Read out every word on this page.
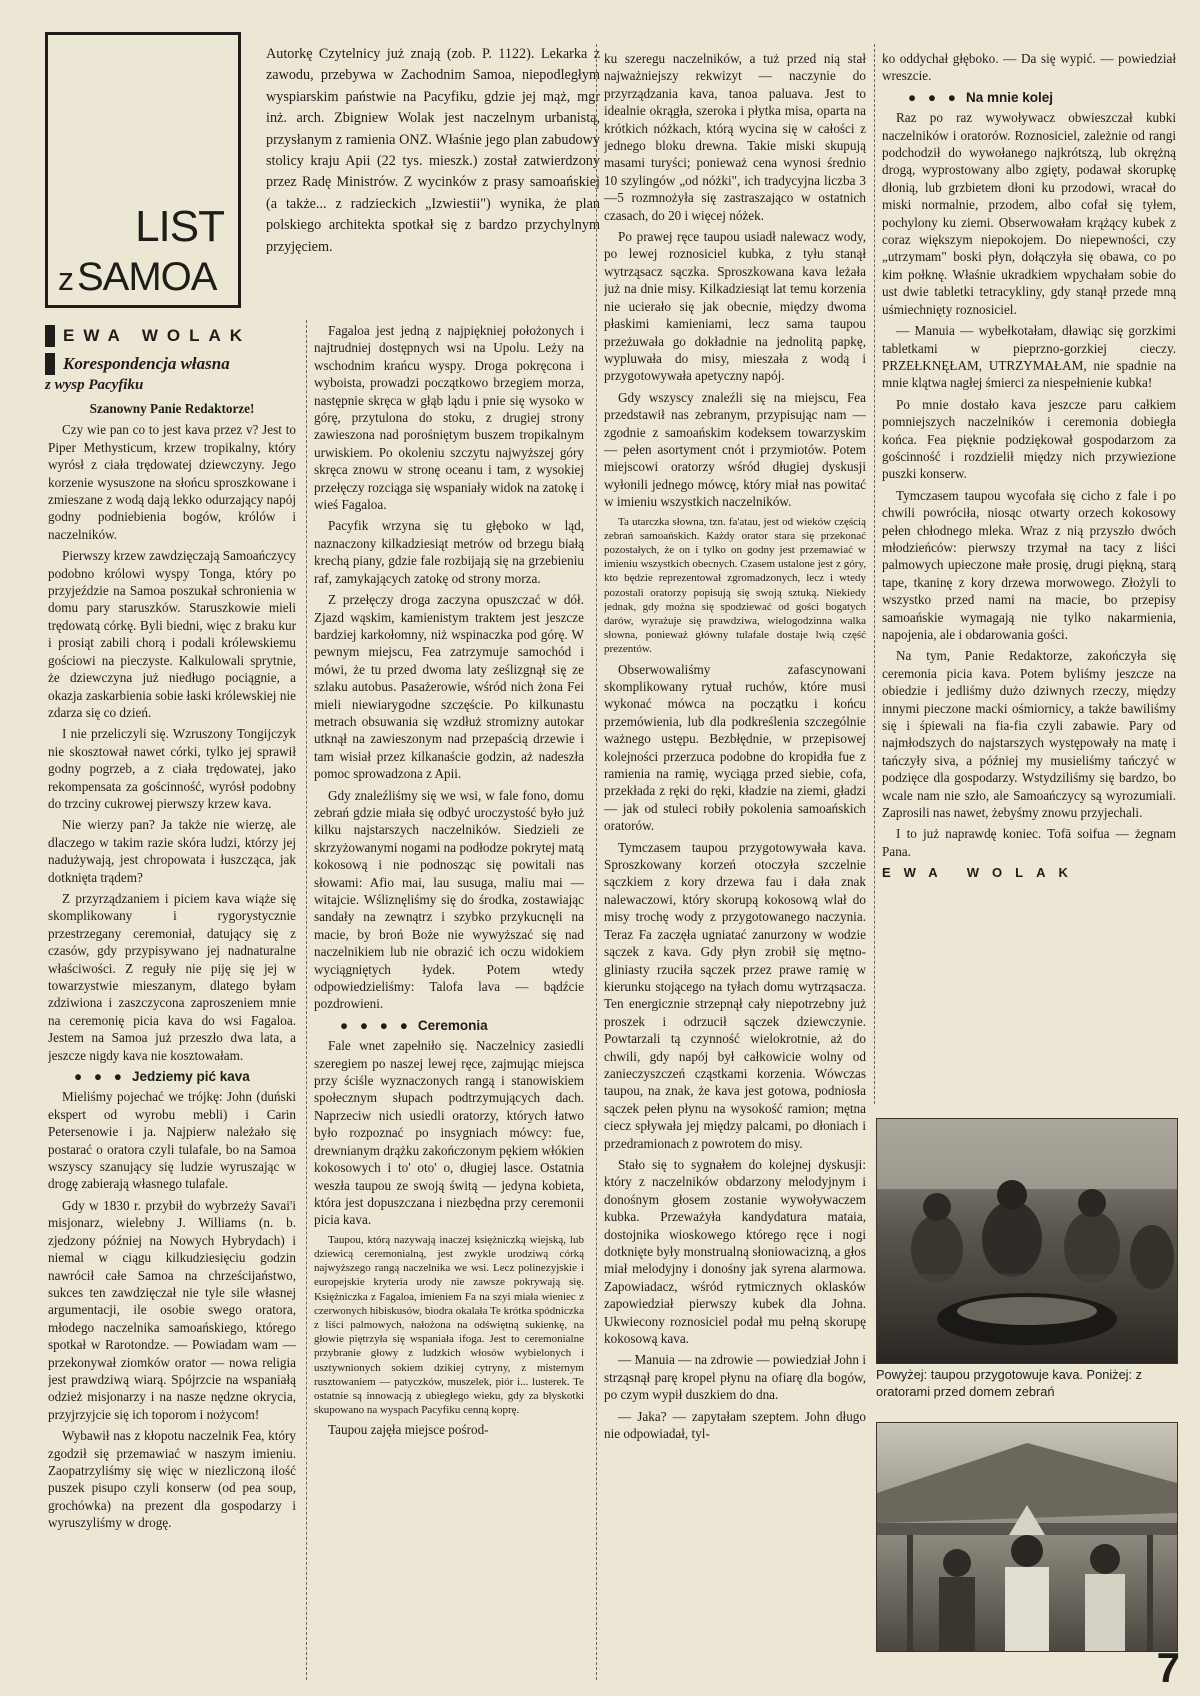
LIST
z SAMOA
EWA WOLAK
Korespondencja własna
z wysp Pacyfiku

Autorkę Czytelnicy już znają (zob. P. 1122). Lekarka z zawodu, przebywa w Zachodnim Samoa, niepodległym wyspiarskim państwie na Pacyfiku, gdzie jej mąż, mgr inż. arch. Zbigniew Wolak jest naczelnym urbanistą, przysłanym z ramienia ONZ. Właśnie jego plan zabudowy stolicy kraju Apii (22 tys. mieszk.) został zatwierdzony przez Radę Ministrów. Z wycinków z prasy samoańskiej (a także... z radzieckich „Izwiestii") wynika, że plan polskiego architekta spotkał się z bardzo przychylnym przyjęciem.

Szanowny Panie Redaktorze!

Czy wie pan co to jest kava przez v? Jest to Piper Methysticum, krzew tropikalny, który wyrósł z ciała trędowatej dziewczyny. Jego korzenie wysuszone na słońcu sproszkowane i zmieszane z wodą dają lekko odurzający napój godny podniebienia bogów, królów i naczelników.

Pierwszy krzew zawdzięczają Samoańczycy podobno królowi wyspy Tonga, który po przyjeździe na Samoa poszukał schronienia w domu pary staruszków. Staruszkowie mieli trędowatą córkę. Byli biedni, więc z braku kur i prosiąt zabili chorą i podali królewskiemu gościowi na pieczyste. Kalkulowali sprytnie, że dziewczyna już niedługo pociągnie, a okazja zaskarbienia sobie łaski królewskiej nie zdarza się co dzień.

I nie przeliczyli się. Wzruszony Tongijczyk nie skosztował nawet córki, tylko jej sprawił godny pogrzeb, a z ciała trędowatej, jako rekompensata za gościnność, wyrósł podobny do trzciny cukrowej pierwszy krzew kava.

Nie wierzy pan? Ja także nie wierzę, ale dlaczego w takim razie skóra ludzi, którzy jej nadużywają, jest chropowata i łuszcząca, jak dotknięta trądem?

Z przyrządzaniem i piciem kava wiąże się skomplikowany i rygorystycznie przestrzegany ceremoniał, datujący się z czasów, gdy przypisywano jej nadnaturalne właściwości. Z reguły nie piję się jej w towarzystwie mieszanym, dlatego byłam zdziwiona i zaszczycona zaproszeniem mnie na ceremonię picia kava do wsi Fagaloa. Jestem na Samoa już przeszło dwa lata, a jeszcze nigdy kava nie kosztowałam.

● ● ● Jedziemy pić kava

Mieliśmy pojechać we trójkę: John (duński ekspert od wyrobu mebli) i Carin Petersenowie i ja. Najpierw należało się postarać o oratora czyli tulafale, bo na Samoa wszyscy szanujący się ludzie wyruszając w drogę zabierają własnego tulafale.

Gdy w 1830 r. przybił do wybrzeży Savai'i misjonarz, wielebny J. Williams (n. b. zjedzony później na Nowych Hybrydach) i niemal w ciągu kilkudziesięciu godzin nawrócił całe Samoa na chrześcijaństwo, sukces ten zawdzięczał nie tyle sile własnej argumentacji, ile osobie swego oratora, młodego naczelnika samoańskiego, którego spotkał w Rarotondze. — Powiadam wam — przekonywał ziomków orator — nowa religia jest prawdziwą wiarą. Spójrzcie na wspaniałą odzież misjonarzy i na nasze nędzne okrycia, przyjrzyjcie się ich toporom i nożycom!

Wybawił nas z kłopotu naczelnik Fea, który zgodził się przemawiać w naszym imieniu. Zaopatrzyliśmy się więc w niezliczoną ilość puszek pisupo czyli konserw (od pea soup, grochówka) na prezent dla gospodarzy i wyruszyliśmy w drogę.

Fagaloa jest jedną z najpiękniej położonych i najtrudniej dostępnych wsi na Upolu. Leży na wschodnim krańcu wyspy. Droga pokręcona i wyboista, prowadzi początkowo brzegiem morza, następnie skręca w głąb lądu i pnie się wysoko w górę, przytulona do stoku, z drugiej strony zawieszona nad porośniętym buszem tropikalnym urwiskiem. Po okoleniu szczytu najwyższej góry skręca znowu w stronę oceanu i tam, z wysokiej przełęczy rozciąga się wspaniały widok na zatokę i wieś Fagaloa.

Pacyfik wrzyna się tu głęboko w ląd, naznaczony kilkadziesiąt metrów od brzegu białą krechą piany, gdzie fale rozbijają się na grzebieniu raf, zamykających zatokę od strony morza.

Z przełęczy droga zaczyna opuszczać w dół. Zjazd wąskim, kamienistym traktem jest jeszcze bardziej karkołomny, niż wspinaczka pod górę. W pewnym miejscu, Fea zatrzymuje samochód i mówi, że tu przed dwoma laty ześlizgnął się ze szlaku autobus. Pasażerowie, wśród nich żona Fei mieli niewiarygodne szczęście. Po kilkunastu metrach obsuwania się wzdłuż stromizny autokar utknął na zawieszonym nad przepaścią drzewie i tam wisiał przez kilkanaście godzin, aż nadeszła pomoc sprowadzona z Apii.

Gdy znaleźliśmy się we wsi, w fale fono, domu zebrań gdzie miała się odbyć uroczystość było już kilku najstarszych naczelników. Siedzieli ze skrzyżowanymi nogami na podłodze pokrytej matą kokosową i nie podnosząc się powitali nas słowami: Afio mai, lau susuga, maliu mai — witajcie. Wśliznęliśmy się do środka, zostawiając sandały na zewnątrz i szybko przykucnęli na macie, by broń Boże nie wywyższać się nad naczelnikiem lub nie obrazić ich oczu widokiem wyciągniętych łydek. Potem wtedy odpowiedzieliśmy: Talofa lava — bądźcie pozdrowieni.

● ● ● ● Ceremonia

Fale wnet zapełniło się. Naczelnicy zasiedli szeregiem po naszej lewej ręce, zajmując miejsca przy ściśle wyznaczonych rangą i stanowiskiem społecznym słupach podtrzymujących dach. Naprzeciw nich usiedli oratorzy, których łatwo było rozpoznać po insygniach mówcy: fue, drewnianym drążku zakończonym pękiem włókien kokosowych i to' oto' o, długiej lasce. Ostatnia weszła taupou ze swoją świtą — jedyna kobieta, która jest dopuszczana i niezbędna przy ceremonii picia kava.

Taupou, którą nazywają inaczej księżniczką wiejską, lub dziewicą ceremonialną, jest zwykle urodziwą córką najwyższego rangą naczelnika we wsi. Lecz polinezyjskie i europejskie kryteria urody nie zawsze pokrywają się. Księżniczka z Fagaloa, imieniem Fa na szyi miała wieniec z czerwonych hibiskusów, biodra okalała Te krótka spódniczka z liści palmowych, nałożona na odświętną sukienkę, na głowie piętrzyła się wspaniała ifoga. Jest to ceremonialne przybranie głowy z ludzkich włosów wybielonych i usztywnionych sokiem dzikiej cytryny, z misternym rusztowaniem — patyczków, muszelek, piór i... lusterek. Te ostatnie są innowacją z ubiegłego wieku, gdy za błyskotki skupowano na wyspach Pacyfiku cenną koprę.

Taupou zajęła miejsce pośrod-

ku szeregu naczelników, a tuż przed nią stał najważniejszy rekwizyt — naczynie do przyrządzania kava, tanoa paluava. Jest to idealnie okrągła, szeroka i płytka misa, oparta na krótkich nóżkach, którą wycina się w całości z jednego bloku drewna. Takie miski skupują masami turyści; ponieważ cena wynosi średnio 10 szylingów „od nóżki", ich tradycyjna liczba 3—5 rozmnożyła się zastraszająco w ostatnich czasach, do 20 i więcej nóżek.

Po prawej ręce taupou usiadł nalewacz wody, po lewej roznosiciel kubka, z tyłu stanął wytrząsacz sączka. Sproszkowana kava leżała już na dnie misy. Kilkadziesiąt lat temu korzenia nie ucierało się jak obecnie, między dwoma płaskimi kamieniami, lecz sama taupou przeżuwała go dokładnie na jednolitą papkę, wypluwała do misy, mieszała z wodą i przygotowywała apetyczny napój.

Gdy wszyscy znaleźli się na miejscu, Fea przedstawił nas zebranym, przypisując nam — zgodnie z samoańskim kodeksem towarzyskim — pełen asortyment cnót i przymiotów. Potem miejscowi oratorzy wśród długiej dyskusji wyłonili jednego mówcę, który miał nas powitać w imieniu wszystkich naczelników.

Ta utarczka słowna, tzn. fa'atau, jest od wieków częścią zebrań samoańskich. Każdy orator stara się przekonać pozostałych, że on i tylko on godny jest przemawiać w imieniu wszystkich obecnych. Czasem ustalone jest z góry, kto będzie reprezentował zgromadzonych, lecz i wtedy pozostali oratorzy popisują się swoją sztuką. Niekiedy jednak, gdy można się spodziewać od gości bogatych darów, wyrażuje się prawdziwa, wielogodzinna walka słowna, ponieważ główny tulafale dostaje lwią część prezentów.

Obserwowaliśmy zafascynowani skomplikowany rytuał ruchów, które musi wykonać mówca na początku i końcu przemówienia, lub dla podkreślenia szczególnie ważnego ustępu. Bezbłędnie, w przepisowej kolejności przerzuca podobne do kropidła fue z ramienia na ramię, wyciąga przed siebie, cofa, przekłada z ręki do ręki, kładzie na ziemi, gładzi — jak od stuleci robiły pokolenia samoańskich oratorów.

Tymczasem taupou przygotowywała kava. Sproszkowany korzeń otoczyła szczelnie sączkiem z kory drzewa fau i dała znak nalewaczowi, który skorupą kokosową wlał do misy trochę wody z przygotowanego naczynia. Teraz Fa zaczęła ugniatać zanurzony w wodzie sączek z kava. Gdy płyn zrobił się mętno-gliniasty rzuciła sączek przez prawe ramię w kierunku stojącego na tyłach domu wytrząsacza. Ten energicznie strzepnął cały niepotrzebny już proszek i odrzucił sączek dziewczynie. Powtarzali tą czynność wielokrotnie, aż do chwili, gdy napój był całkowicie wolny od zanieczyszczeń cząstkami korzenia. Wówczas taupou, na znak, że kava jest gotowa, podniosła sączek pełen płynu na wysokość ramion; mętna ciecz spływała jej między palcami, po dłoniach i przedramionach z powrotem do misy.

Stało się to sygnałem do kolejnej dyskusji: który z naczelników obdarzony melodyjnym i donośnym głosem zostanie wywoływaczem kubka. Przeważyła kandydatura mataia, dostojnika wioskowego którego ręce i nogi dotknięte były monstrualną słoniowacizną, a głos miał melodyjny i donośny jak syrena alarmowa. Zapowiadacz, wśród rytmicznych oklasków zapowiedział pierwszy kubek dla Johna. Ukwiecony roznosiciel podał mu pełną skorupę kokosową kava.

— Manuia — na zdrowie — powiedział John i strząsnął parę kropel płynu na ofiarę dla bogów, po czym wypił duszkiem do dna.

— Jaka? — zapytałam szeptem. John długo nie odpowiadał, tyl-

ko oddychał głęboko. — Da się wypić. — powiedział wreszcie.

● ● ● Na mnie kolej

Raz po raz wywoływacz obwieszczał kubki naczelników i oratorów. Roznosiciel, zależnie od rangi podchodził do wywołanego najkrótszą, lub okrężną drogą, wyprostowany albo zgięty, podawał skorupkę dłonią, lub grzbietem dłoni ku przodowi, wracał do miski normalnie, przodem, albo cofał się tyłem, pochylony ku ziemi. Obserwowałam krążący kubek z coraz większym niepokojem. Do niepewności, czy „utrzymam" boski płyn, dołączyła się obawa, co po kim połknę. Właśnie ukradkiem wpychałam sobie do ust dwie tabletki tetracykliny, gdy stanął przede mną uśmiechnięty roznosiciel.

— Manuia — wybełkotałam, dławiąc się gorzkimi tabletkami w pieprzno-gorzkiej cieczy. PRZEŁKNĘŁAM, UTRZYMAŁAM, nie spadnie na mnie klątwa nagłej śmierci za niespełnienie kubka!

Po mnie dostało kava jeszcze paru całkiem pomniejszych naczelników i ceremonia dobiegła końca. Fea pięknie podziękował gospodarzom za gościnność i rozdzielił między nich przywiezione puszki konserw.

Tymczasem taupou wycofała się cicho z fale i po chwili powróciła, niosąc otwarty orzech kokosowy pełen chłodnego mleka. Wraz z nią przyszło dwóch młodzieńców: pierwszy trzymał na tacy z liści palmowych upieczone małe prosię, drugi piękną, starą tape, tkaninę z kory drzewa morwowego. Złożyli to wszystko przed nami na macie, bo przepisy samoańskie wymagają nie tylko nakarmienia, napojenia, ale i obdarowania gości.

Na tym, Panie Redaktorze, zakończyła się ceremonia picia kava. Potem byliśmy jeszcze na obiedzie i jedliśmy dużo dziwnych rzeczy, między innymi pieczone macki ośmiornicy, a także bawiliśmy się i śpiewali na fia-fia czyli zabawie. Pary od najmłodszych do najstarszych występowały na matę i tańczyły siva, a później my musieliśmy tańczyć w podzięce dla gospodarzy. Wstydziliśmy się bardzo, bo wcale nam nie szło, ale Samoańczycy są wyrozumiali. Zaprosili nas nawet, żebyśmy znowu przyjechali.

I to już naprawdę koniec. Tofā soifua — żegnam Pana.

EWA WOLAK

Powyżej: taupou przygotowuje kava. Poniżej: z oratorami przed domem zebrań
7
